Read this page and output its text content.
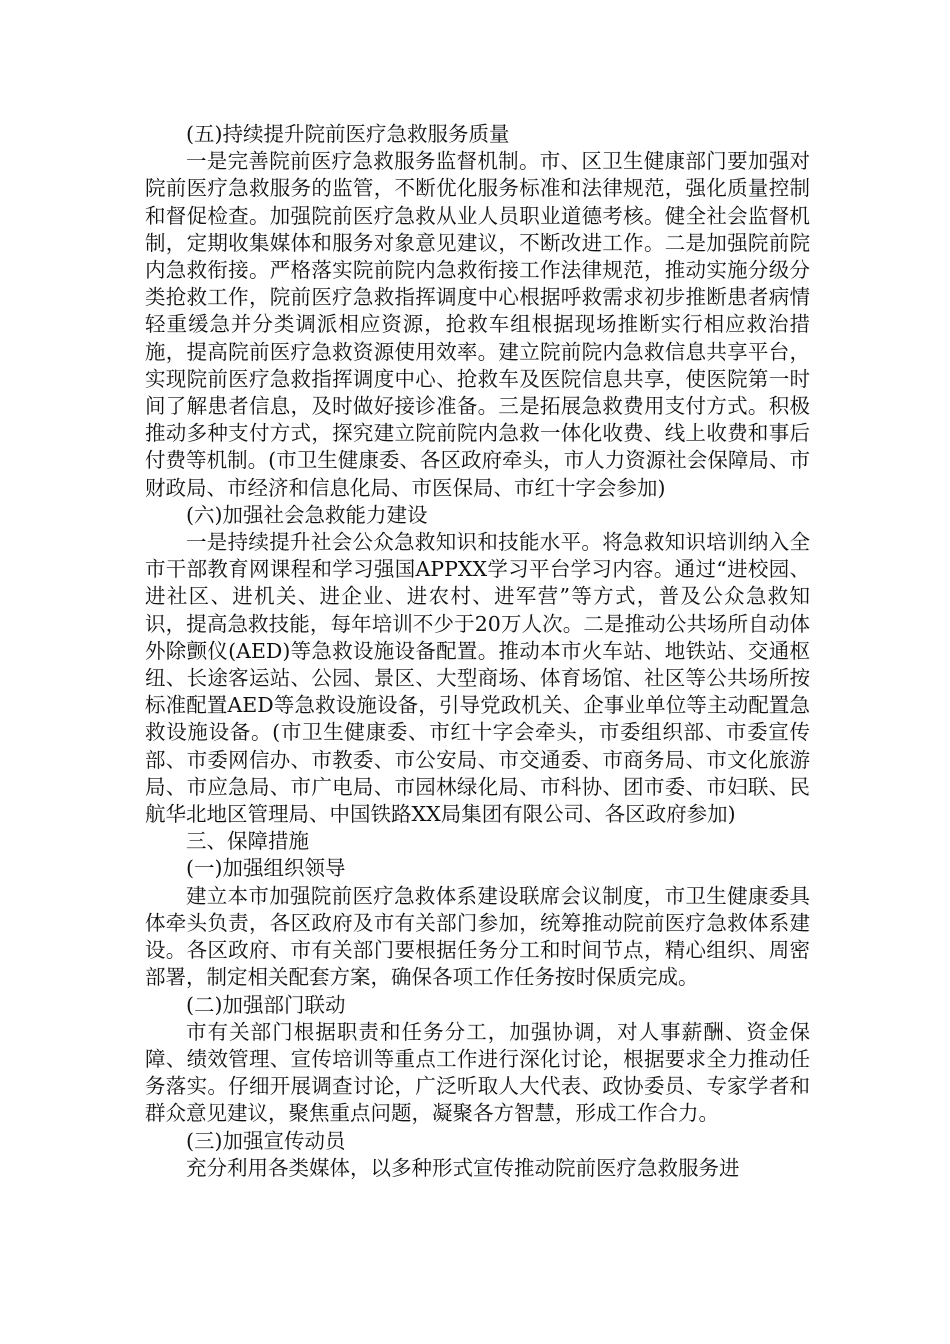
(五)持续提升院前医疗急救服务质量

一是完善院前医疗急救服务监督机制。市、区卫生健康部门要加强对院前医疗急救服务的监管，不断优化服务标准和法律规范，强化质量控制和督促检查。加强院前医疗急救从业人员职业道德考核。健全社会监督机制，定期收集媒体和服务对象意见建议，不断改进工作。二是加强院前院内急救衔接。严格落实院前院内急救衔接工作法律规范，推动实施分级分类抢救工作，院前医疗急救指挥调度中心根据呼救需求初步推断患者病情轻重缓急并分类调派相应资源，抢救车组根据现场推断实行相应救治措施，提高院前医疗急救资源使用效率。建立院前院内急救信息共享平台，实现院前医疗急救指挥调度中心、抢救车及医院信息共享，使医院第一时间了解患者信息，及时做好接诊准备。三是拓展急救费用支付方式。积极推动多种支付方式，探究建立院前院内急救一体化收费、线上收费和事后付费等机制。(市卫生健康委、各区政府牵头，市人力资源社会保障局、市财政局、市经济和信息化局、市医保局、市红十字会参加)

(六)加强社会急救能力建设

一是持续提升社会公众急救知识和技能水平。将急救知识培训纳入全市干部教育网课程和学习强国APPXX学习平台学习内容。通过“进校园、进社区、进机关、进企业、进农村、进军营”等方式，普及公众急救知识，提高急救技能，每年培训不少于20万人次。二是推动公共场所自动体外除颤仪(AED)等急救设施设备配置。推动本市火车站、地铁站、交通枢纽、长途客运站、公园、景区、大型商场、体育场馆、社区等公共场所按标准配置AED等急救设施设备，引导党政机关、企事业单位等主动配置急救设施设备。(市卫生健康委、市红十字会牵头，市委组织部、市委宣传部、市委网信办、市教委、市公安局、市交通委、市商务局、市文化旅游局、市应急局、市广电局、市园林绿化局、市科协、团市委、市妇联、民航华北地区管理局、中国铁路XX局集团有限公司、各区政府参加)

三、保障措施

(一)加强组织领导

建立本市加强院前医疗急救体系建设联席会议制度，市卫生健康委具体牵头负责，各区政府及市有关部门参加，统筹推动院前医疗急救体系建设。各区政府、市有关部门要根据任务分工和时间节点，精心组织、周密部署，制定相关配套方案，确保各项工作任务按时保质完成。

(二)加强部门联动

市有关部门根据职责和任务分工，加强协调，对人事薪酬、资金保障、绩效管理、宣传培训等重点工作进行深化讨论，根据要求全力推动任务落实。仔细开展调查讨论，广泛听取人大代表、政协委员、专家学者和群众意见建议，聚焦重点问题，凝聚各方智慧，形成工作合力。

(三)加强宣传动员

充分利用各类媒体，以多种形式宣传推动院前医疗急救服务进
